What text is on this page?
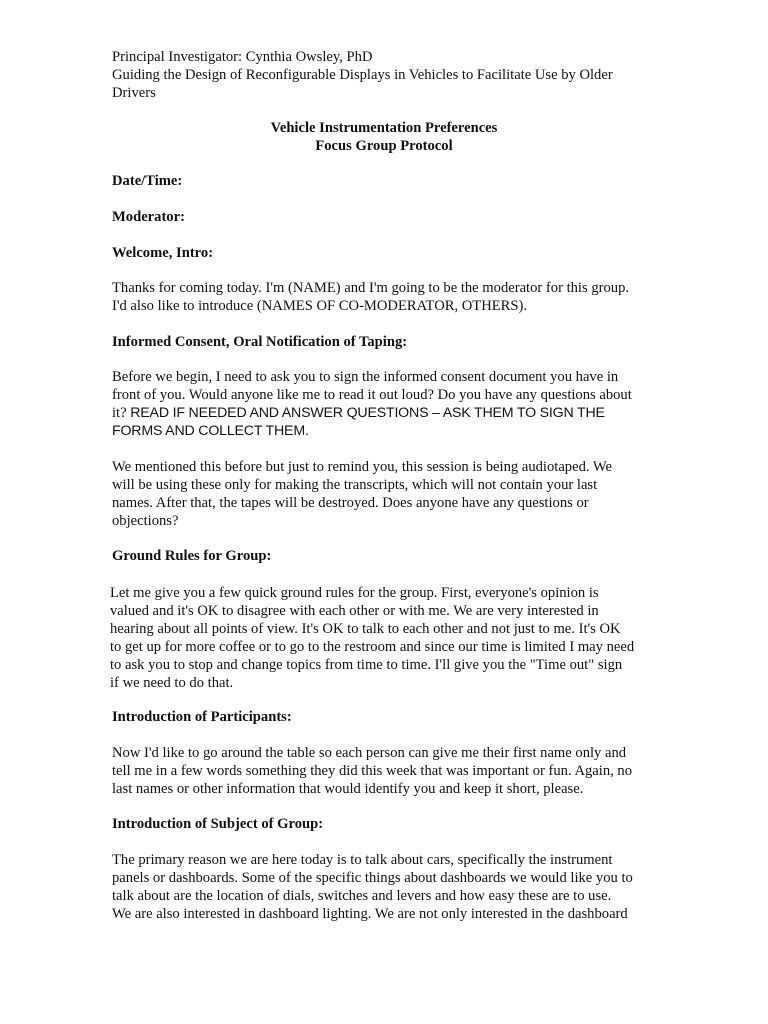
Principal Investigator: Cynthia Owsley, PhD

Guiding the Design of Reconfigurable Displays in Vehicles to Facilitate Use by Older

Drivers

Vehicle Instrumentation Preferences

Focus Group Protocol

Date/Time:

Moderator:

Welcome, Intro:

Thanks for coming today. I'm (NAME) and I'm going to be the moderator for this group.
I'd also like to introduce (NAMES OF CO-MODERATOR, OTHERS).

Informed Consent, Oral Notification of Taping:

Before we begin, I need to ask you to sign the informed consent document you have in
front of you. Would anyone like me to read it out loud? Do you have any questions about
it? READ IF NEEDED AND ANSWER QUESTIONS – ASK THEM TO SIGN THE
FORMS AND COLLECT THEM.
We mentioned this before but just to remind you, this session is being audiotaped. We
will be using these only for making the transcripts, which will not contain your last
names. After that, the tapes will be destroyed. Does anyone have any questions or
objections?

Ground Rules for Group:

Let me give you a few quick ground rules for the group. First, everyone's opinion is
valued and it's OK to disagree with each other or with me. We are very interested in
hearing about all points of view. It's OK to talk to each other and not just to me. It's OK
to get up for more coffee or to go to the restroom and since our time is limited I may need
to ask you to stop and change topics from time to time. I'll give you the "Time out" sign
if we need to do that.

Introduction of Participants:

Now I'd like to go around the table so each person can give me their first name only and
tell me in a few words something they did this week that was important or fun. Again, no
last names or other information that would identify you and keep it short, please.

Introduction of Subject of Group:

The primary reason we are here today is to talk about cars, specifically the instrument
panels or dashboards. Some of the specific things about dashboards we would like you to
talk about are the location of dials, switches and levers and how easy these are to use.
We are also interested in dashboard lighting. We are not only interested in the dashboard
